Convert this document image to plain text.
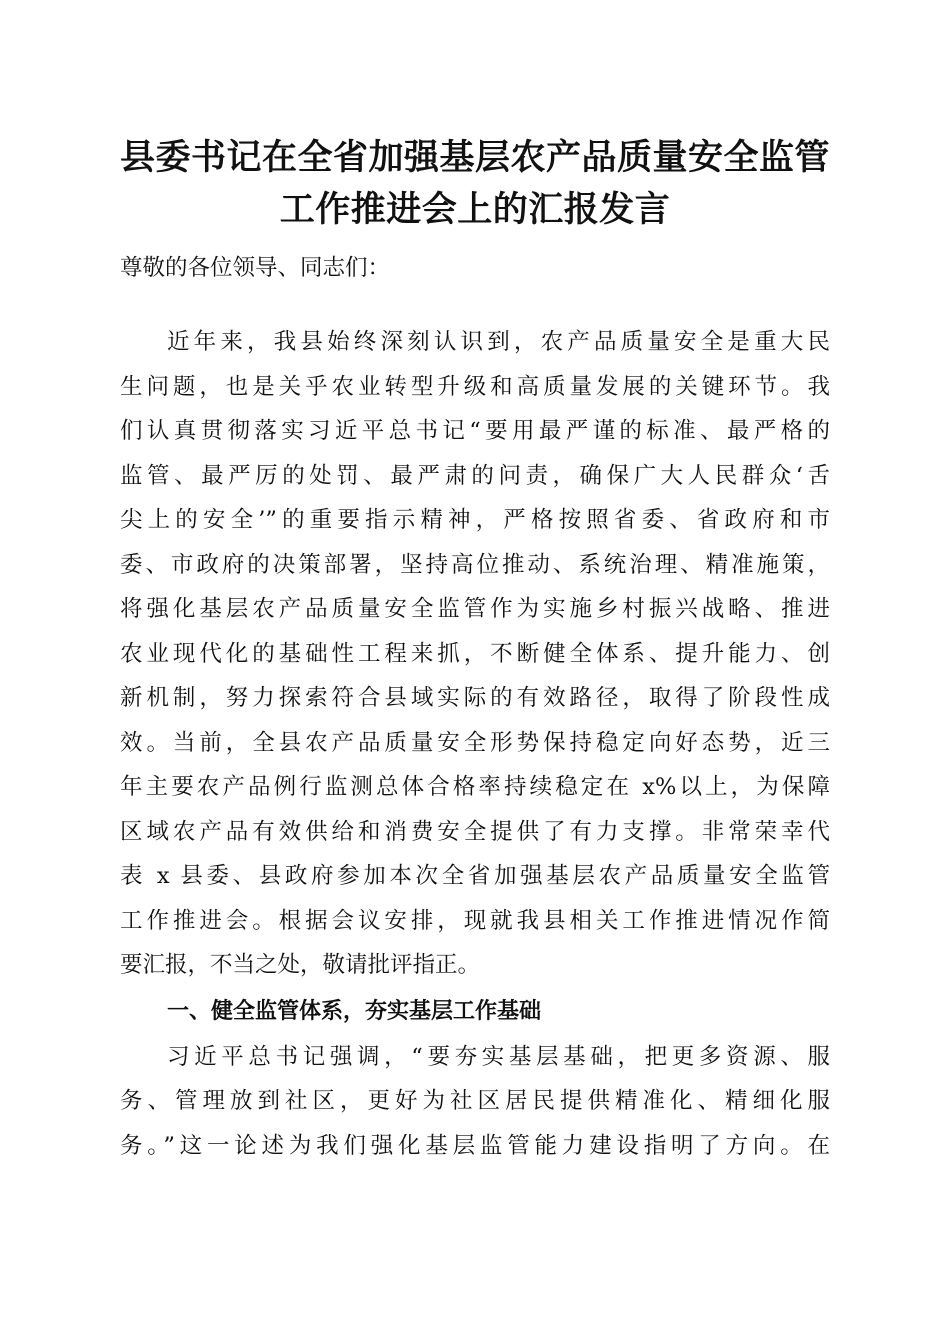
县委书记在全省加强基层农产品质量安全监管
工作推进会上的汇报发言
尊敬的各位领导、同志们：
近年来，我县始终深刻认识到，农产品质量安全是重大民
生问题，也是关乎农业转型升级和高质量发展的关键环节。我
们认真贯彻落实习近平总书记“要用最严谨的标准、最严格的
监管、最严厉的处罚、最严肃的问责，确保广大人民群众‘舌
尖上的安全’”的重要指示精神，严格按照省委、省政府和市
委、市政府的决策部署，坚持高位推动、系统治理、精准施策，
将强化基层农产品质量安全监管作为实施乡村振兴战略、推进
农业现代化的基础性工程来抓，不断健全体系、提升能力、创
新机制，努力探索符合县域实际的有效路径，取得了阶段性成
效。当前，全县农产品质量安全形势保持稳定向好态势，近三
年主要农产品例行监测总体合格率持续稳定在 x%以上，为保障
区域农产品有效供给和消费安全提供了有力支撑。非常荣幸代
表 x 县委、县政府参加本次全省加强基层农产品质量安全监管
工作推进会。根据会议安排，现就我县相关工作推进情况作简
要汇报，不当之处，敬请批评指正。
一、健全监管体系，夯实基层工作基础
习近平总书记强调，“要夯实基层基础，把更多资源、服
务、管理放到社区，更好为社区居民提供精准化、精细化服
务。”这一论述为我们强化基层监管能力建设指明了方向。在
